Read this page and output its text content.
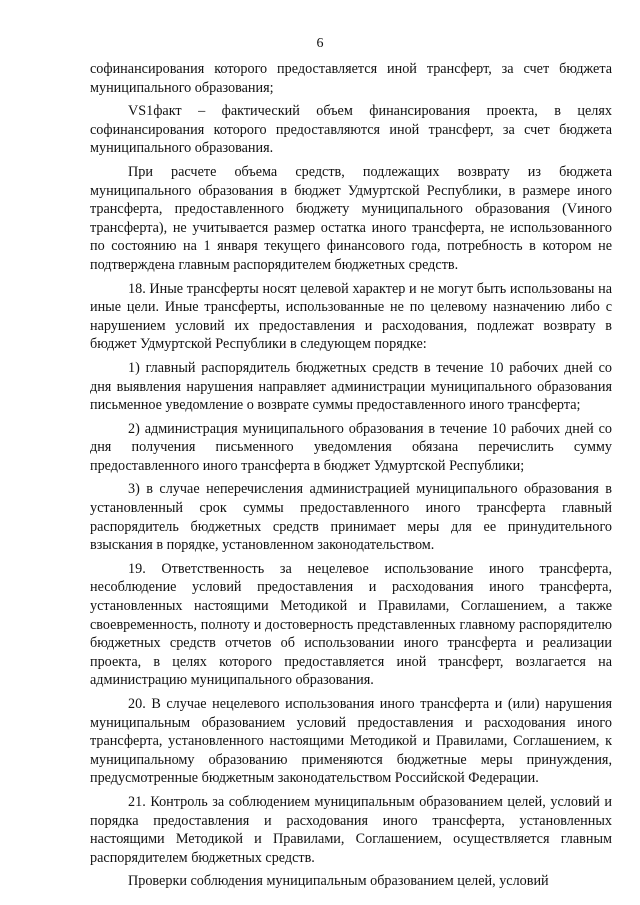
6

софинансирования которого предоставляется иной трансферт, за счет бюджета муниципального образования;

VS1факт – фактический объем финансирования проекта, в целях софинансирования которого предоставляются иной трансферт, за счет бюджета муниципального образования.

При расчете объема средств, подлежащих возврату из бюджета муниципального образования в бюджет Удмуртской Республики, в размере иного трансферта, предоставленного бюджету муниципального образования (Vиного трансферта), не учитывается размер остатка иного трансферта, не использованного по состоянию на 1 января текущего финансового года, потребность в котором не подтверждена главным распорядителем бюджетных средств.

18. Иные трансферты носят целевой характер и не могут быть использованы на иные цели. Иные трансферты, использованные не по целевому назначению либо с нарушением условий их предоставления и расходования, подлежат возврату в бюджет Удмуртской Республики в следующем порядке:

1) главный распорядитель бюджетных средств в течение 10 рабочих дней со дня выявления нарушения направляет администрации муниципального образования письменное уведомление о возврате суммы предоставленного иного трансферта;

2) администрация муниципального образования в течение 10 рабочих дней со дня получения письменного уведомления обязана перечислить сумму предоставленного иного трансферта в бюджет Удмуртской Республики;

3) в случае неперечисления администрацией муниципального образования в установленный срок суммы предоставленного иного трансферта главный распорядитель бюджетных средств принимает меры для ее принудительного взыскания в порядке, установленном законодательством.

19. Ответственность за нецелевое использование иного трансферта, несоблюдение условий предоставления и расходования иного трансферта, установленных настоящими Методикой и Правилами, Соглашением, а также своевременность, полноту и достоверность представленных главному распорядителю бюджетных средств отчетов об использовании иного трансферта и реализации проекта, в целях которого предоставляется иной трансферт, возлагается на администрацию муниципального образования.

20. В случае нецелевого использования иного трансферта и (или) нарушения муниципальным образованием условий предоставления и расходования иного трансферта, установленного настоящими Методикой и Правилами, Соглашением, к муниципальному образованию применяются бюджетные меры принуждения, предусмотренные бюджетным законодательством Российской Федерации.

21. Контроль за соблюдением муниципальным образованием целей, условий и порядка предоставления и расходования иного трансферта, установленных настоящими Методикой и Правилами, Соглашением, осуществляется главным распорядителем бюджетных средств.

Проверки соблюдения муниципальным образованием целей, условий
